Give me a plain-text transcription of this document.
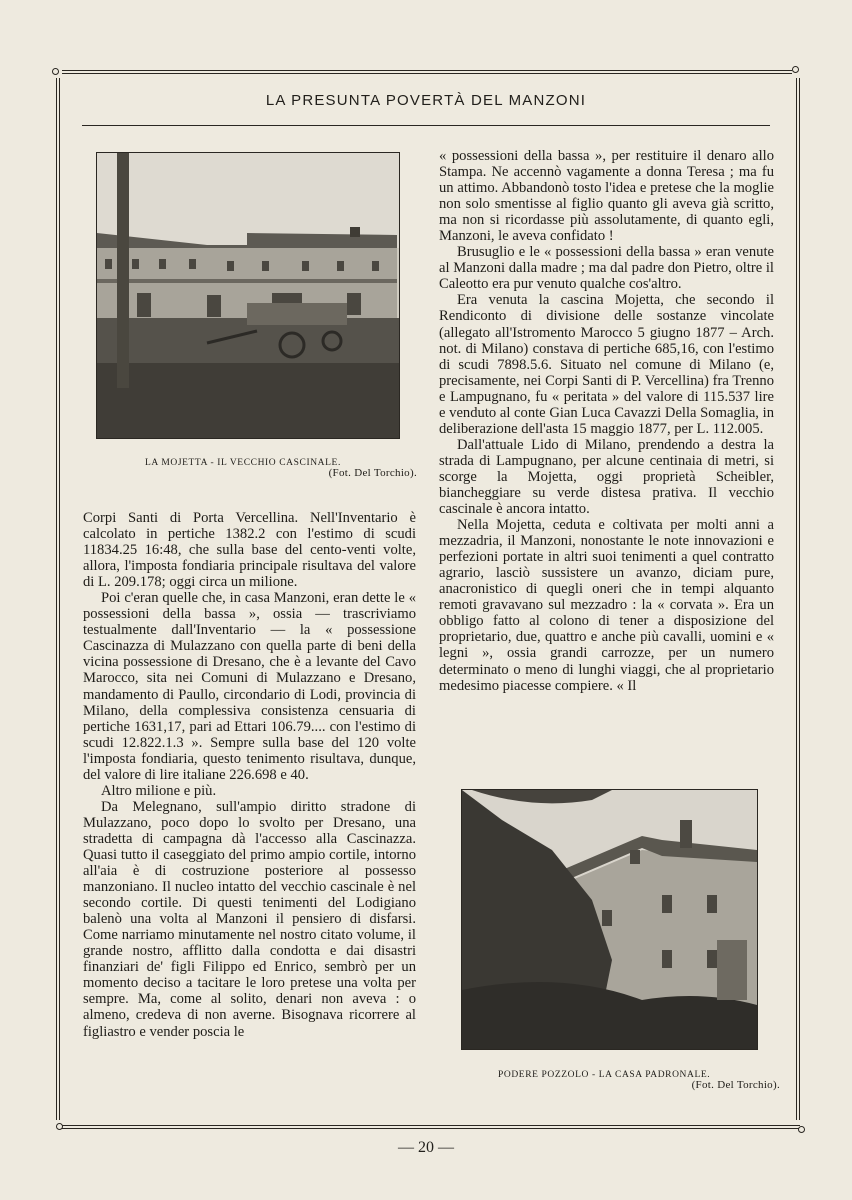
LA PRESUNTA POVERTÀ DEL MANZONI
LA MOJETTA - IL VECCHIO CASCINALE.
(Fot. Del Torchio).

Corpi Santi di Porta Vercellina. Nell'Inventario è calcolato in pertiche 1382.2 con l'estimo di scudi 11834.25 16:48, che sulla base del cento-venti volte, allora, l'imposta fondiaria principale risultava del valore di L. 209.178; oggi circa un milione.

Poi c'eran quelle che, in casa Manzoni, eran dette le « possessioni della bassa », ossia — trascriviamo testualmente dall'Inventario — la « possessione Cascinazza di Mulazzano con quella parte di beni della vicina possessione di Dresano, che è a levante del Cavo Marocco, sita nei Comuni di Mulazzano e Dresano, mandamento di Paullo, circondario di Lodi, provincia di Milano, della complessiva consistenza censuaria di pertiche 1631,17, pari ad Ettari 106.79.... con l'estimo di scudi 12.822.1.3 ». Sempre sulla base del 120 volte l'imposta fondiaria, questo tenimento risultava, dunque, del valore di lire italiane 226.698 e 40.

Altro milione e più.

Da Melegnano, sull'ampio diritto stradone di Mulazzano, poco dopo lo svolto per Dresano, una stradetta di campagna dà l'accesso alla Cascinazza. Quasi tutto il caseggiato del primo ampio cortile, intorno all'aia è di costruzione posteriore al possesso manzoniano. Il nucleo intatto del vecchio cascinale è nel secondo cortile. Di questi tenimenti del Lodigiano balenò una volta al Manzoni il pensiero di disfarsi. Come narriamo minutamente nel nostro citato volume, il grande nostro, afflitto dalla condotta e dai disastri finanziari de' figli Filippo ed Enrico, sembrò per un momento deciso a tacitare le loro pretese una volta per sempre. Ma, come al solito, denari non aveva : o almeno, credeva di non averne. Bisognava ricorrere al figliastro e vender poscia le

« possessioni della bassa », per restituire il denaro allo Stampa. Ne accennò vagamente a donna Teresa ; ma fu un attimo. Abbandonò tosto l'idea e pretese che la moglie non solo smentisse al figlio quanto gli aveva già scritto, ma non si ricordasse più assolutamente, di quanto egli, Manzoni, le aveva confidato !

Brusuglio e le « possessioni della bassa » eran venute al Manzoni dalla madre ; ma dal padre don Pietro, oltre il Caleotto era pur venuto qualche cos'altro.

Era venuta la cascina Mojetta, che secondo il Rendiconto di divisione delle sostanze vincolate (allegato all'Istromento Marocco 5 giugno 1877 – Arch. not. di Milano) constava di pertiche 685,16, con l'estimo di scudi 7898.5.6. Situato nel comune di Milano (e, precisamente, nei Corpi Santi di P. Vercellina) fra Trenno e Lampugnano, fu « peritata » del valore di 115.537 lire e venduto al conte Gian Luca Cavazzi Della Somaglia, in deliberazione dell'asta 15 maggio 1877, per L. 112.005.

Dall'attuale Lido di Milano, prendendo a destra la strada di Lampugnano, per alcune centinaia di metri, si scorge la Mojetta, oggi proprietà Scheibler, biancheggiare su verde distesa prativa. Il vecchio cascinale è ancora intatto.

Nella Mojetta, ceduta e coltivata per molti anni a mezzadria, il Manzoni, nonostante le note innovazioni e perfezioni portate in altri suoi tenimenti a quel contratto agrario, lasciò sussistere un avanzo, diciam pure, anacronistico di quegli oneri che in tempi alquanto remoti gravavano sul mezzadro : la « corvata ». Era un obbligo fatto al colono di tener a disposizione del proprietario, due, quattro e anche più cavalli, uomini e « legni », ossia grandi carrozze, per un numero determinato o meno di lunghi viaggi, che al proprietario medesimo piacesse compiere. « Il

PODERE POZZOLO - LA CASA PADRONALE.
(Fot. Del Torchio).
— 20 —
